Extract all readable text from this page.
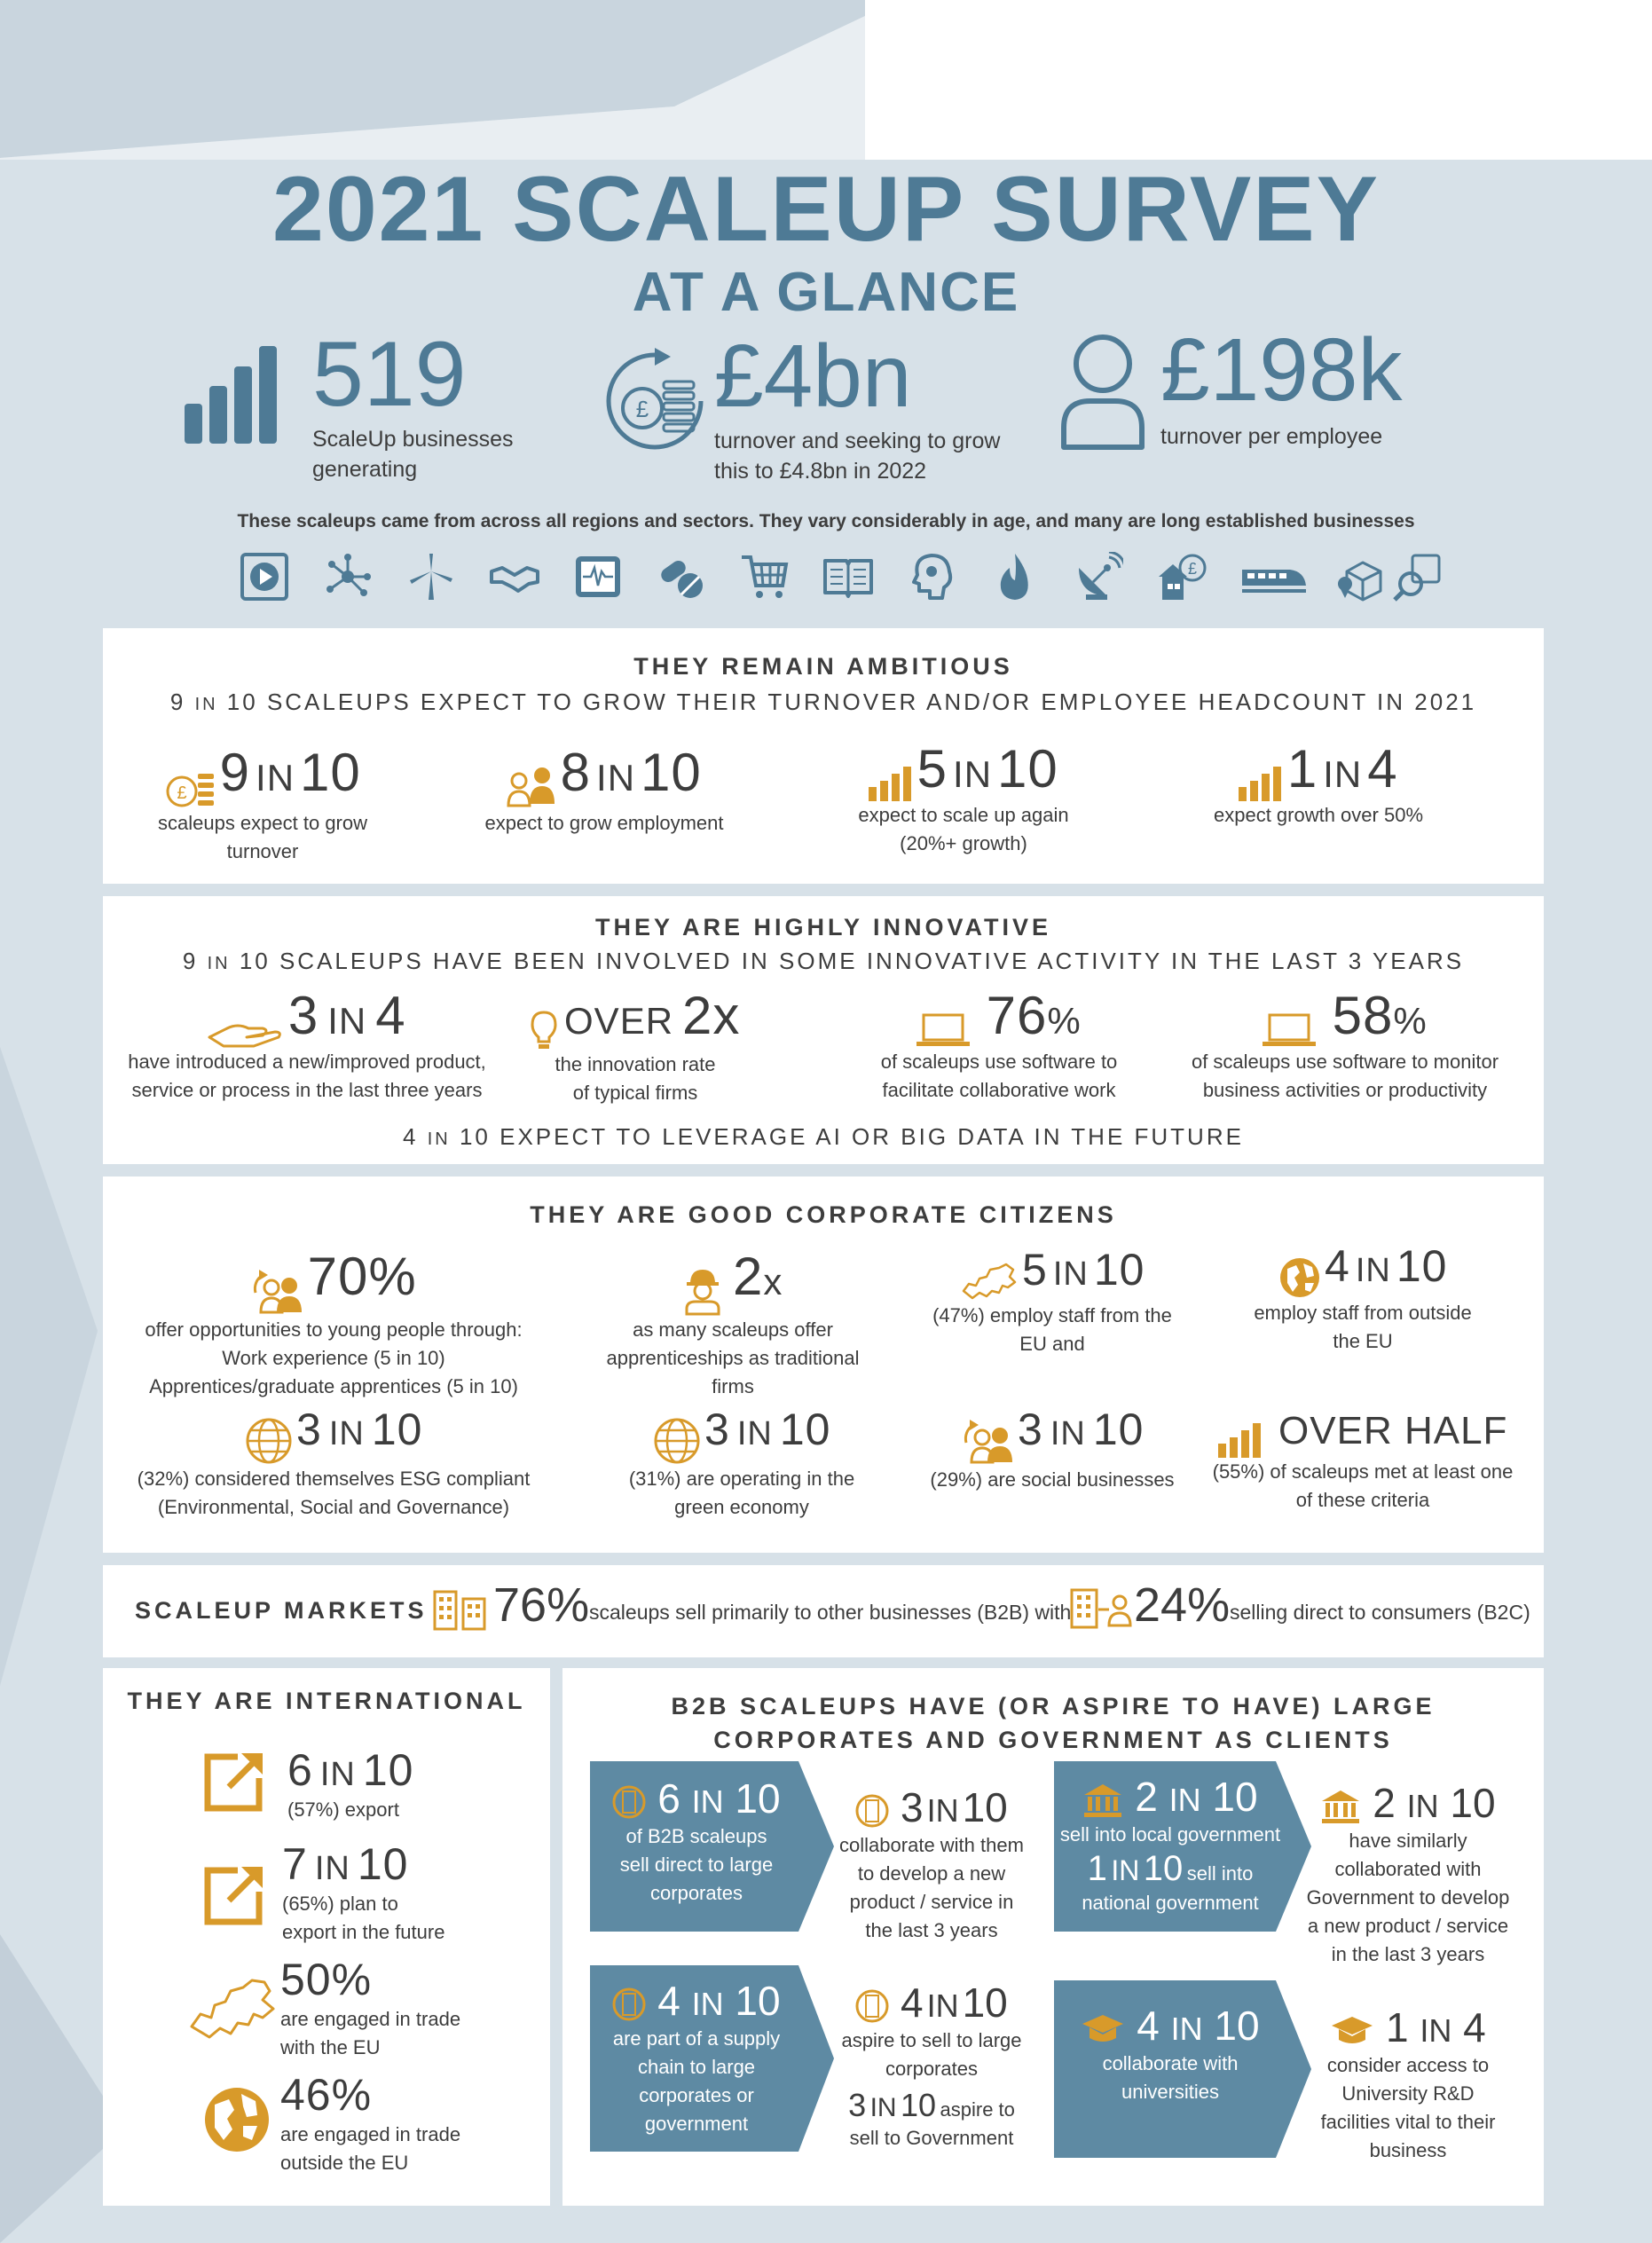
2021 SCALEUP SURVEY
AT A GLANCE
519
ScaleUp businesses
generating
£ £4bn
turnover and seeking to grow
this to £4.8bn in 2022
£198k
turnover per employee
These scaleups came from across all regions and sectors. They vary considerably in age, and many are long established businesses
£
THEY REMAIN AMBITIOUS
9 IN 10 SCALEUPS EXPECT TO GROW THEIR TURNOVER AND/OR EMPLOYEE HEADCOUNT IN 2021
£ 9 IN 10
scaleups expect to grow turnover
8 IN 10
expect to grow employment
5 IN 10
expect to scale up again
(20%+ growth)
1 IN 4
expect growth over 50%
THEY ARE HIGHLY INNOVATIVE
9 IN 10 SCALEUPS HAVE BEEN INVOLVED IN SOME INNOVATIVE ACTIVITY IN THE LAST 3 YEARS
3 IN 4
have introduced a new/improved product,
service or process in the last three years
OVER 2x
the innovation rate
of typical firms
76%
of scaleups use software to
facilitate collaborative work
58%
of scaleups use software to monitor
business activities or productivity
4 IN 10 EXPECT TO LEVERAGE AI OR BIG DATA IN THE FUTURE
THEY ARE GOOD CORPORATE CITIZENS
70%
offer opportunities to young people through:
Work experience (5 in 10)
Apprentices/graduate apprentices (5 in 10)
2x
as many scaleups offer
apprenticeships as traditional
firms
5 IN 10
(47%) employ staff from the
EU and
4 IN 10
employ staff from outside
the EU
3 IN 10
(32%) considered themselves ESG compliant
(Environmental, Social and Governance)
3 IN 10
(31%) are operating in the
green economy
3 IN 10
(29%) are social businesses
OVER HALF
(55%) of scaleups met at least one
of these criteria
SCALEUP MARKETS 76% scaleups sell primarily to other businesses (B2B) with 24% selling direct to consumers (B2C)
THEY ARE INTERNATIONAL
6 IN 10
(57%) export
7 IN 10
(65%) plan to
export in the future
50%
are engaged in trade
with the EU
46%
are engaged in trade
outside the EU
B2B SCALEUPS HAVE (OR ASPIRE TO HAVE) LARGE
CORPORATES AND GOVERNMENT AS CLIENTS
6 IN 10
of B2B scaleups
sell direct to large
corporates
3 IN10
collaborate with them
to develop a new
product / service in
the last 3 years
4 IN 10
are part of a supply
chain to large
corporates or
government
4 IN10
aspire to sell to large
corporates
3 IN 10 aspire to
sell to Government
2 IN 10
sell into local government
1 IN 10 sell into
national government
2 IN 10
have similarly
collaborated with
Government to develop
a new product / service
in the last 3 years
4 IN 10
collaborate with
universities
1 IN 4
consider access to
University R&D
facilities vital to their
business
